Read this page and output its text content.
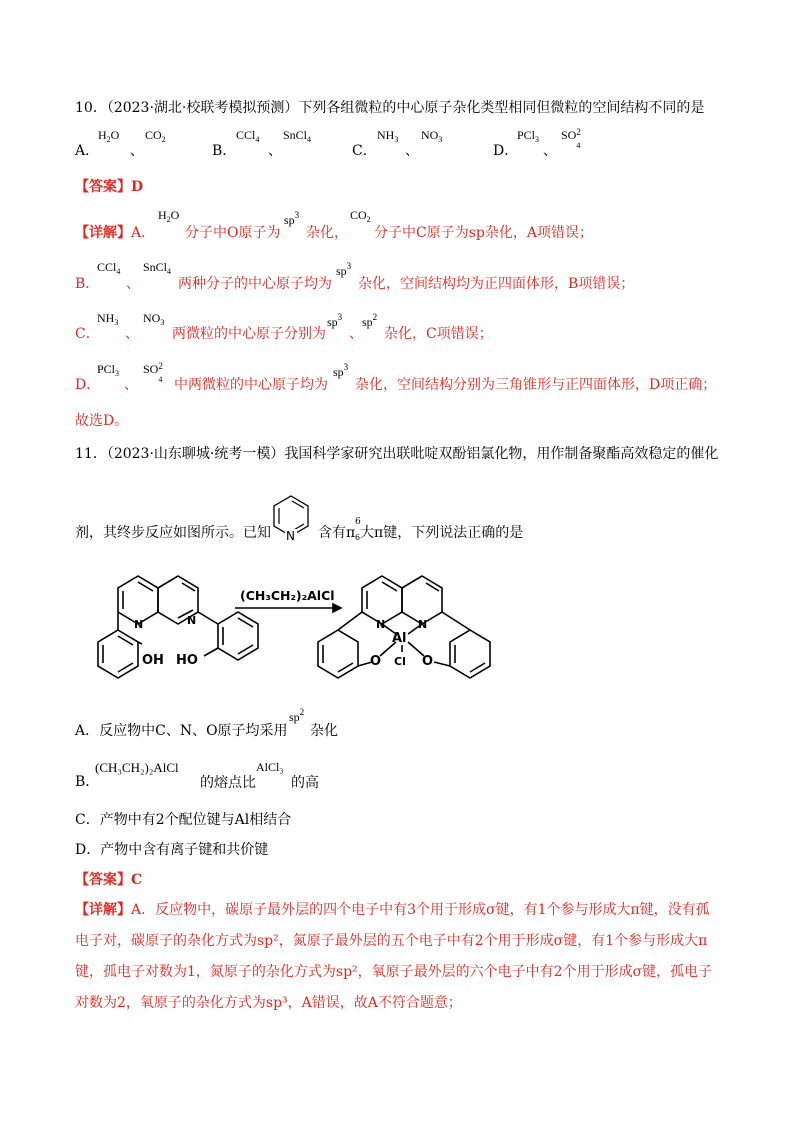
10．（2023·湖北·校联考模拟预测）下列各组微粒的中心原子杂化类型相同但微粒的空间结构不同的是
A．
$H_2O$
、
$CO_2$
B．
CCl$_4$
、
SnCl$_4$
C．
$NH_3$
、
$NO_3$
D．
PCl$_3$
、
SO 2
4
【答案】D
【详解】A．
$H_2O$
分子中O原子为
$sp^3$
杂化，
$CO_2$
分子中C原子为sp杂化，A项错误；
B．
CCl$_4$
、
SnCl$_4$
两种分子的中心原子均为
$sp^3$
杂化，空间结构均为正四面体形，B项错误；
C．
$NH_3$
、
$NO_3$
两微粒的中心原子分别为
$sp^3$
、
$sp^2$
杂化，C项错误；
D．
PCl$_3$
、
SO 2
4 中两微粒的中心原子均为
$sp^3$
杂化，空间结构分别为三角锥形与正四面体形，D项正确；
故选D。
11．（2023·山东聊城·统考一模）我国科学家研究出联吡啶双酚铝氯化物，用作制备聚酯高效稳定的催化
剂，其终步反应如图所示。已知 N 含有π
6
6 大π键，下列说法正确的是
(CH₃CH₂)₂AlCl
N	N
OH HO
N	N
Al
Cl
O	O
A．反应物中C、N、O原子均采用
$sp^2$
杂化
B．
(CH₃CH₂)₂AlCl
的熔点比
AlCl₃
的高
C．产物中有2个配位键与Al相结合
D．产物中含有离子键和共价键
【答案】C
【详解】A．反应物中，碳原子最外层的四个电子中有3个用于形成σ键，有1个参与形成大π键，没有孤
电子对，碳原子的杂化方式为sp²，氮原子最外层的五个电子中有2个用于形成σ键，有1个参与形成大π
键，孤电子对数为1，氮原子的杂化方式为sp²，氧原子最外层的六个电子中有2个用于形成σ键，孤电子
对数为2，氧原子的杂化方式为sp³，A错误，故A不符合题意；
